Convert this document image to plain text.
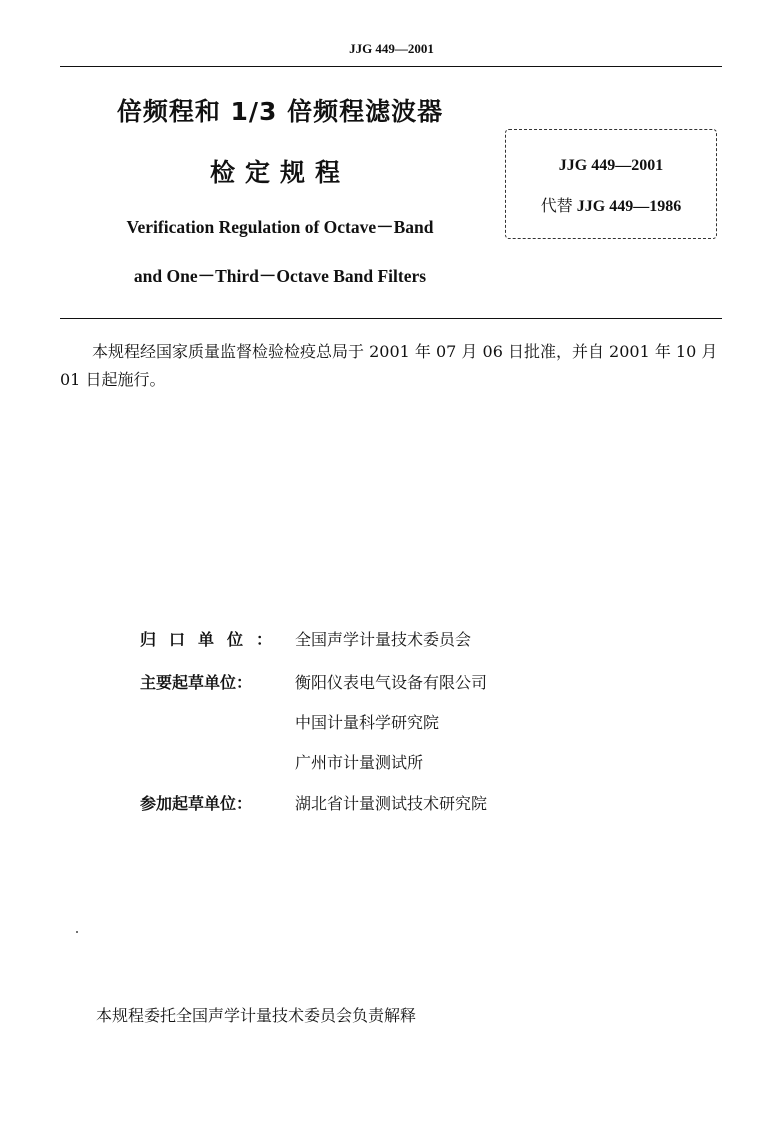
JJG 449—2001
倍频程和 1/3 倍频程滤波器
检定规程
Verification Regulation of Octave－Band
and One－Third－Octave Band Filters
JJG 449—2001
代替 JJG 449—1986
本规程经国家质量监督检验检疫总局于 2001 年 07 月 06 日批准，并自 2001 年 10 月 01 日起施行。
归口单位： 全国声学计量技术委员会
主要起草单位：	衡阳仪表电气设备有限公司
中国计量科学研究院
广州市计量测试所
参加起草单位：	湖北省计量测试技术研究院
本规程委托全国声学计量技术委员会负责解释
